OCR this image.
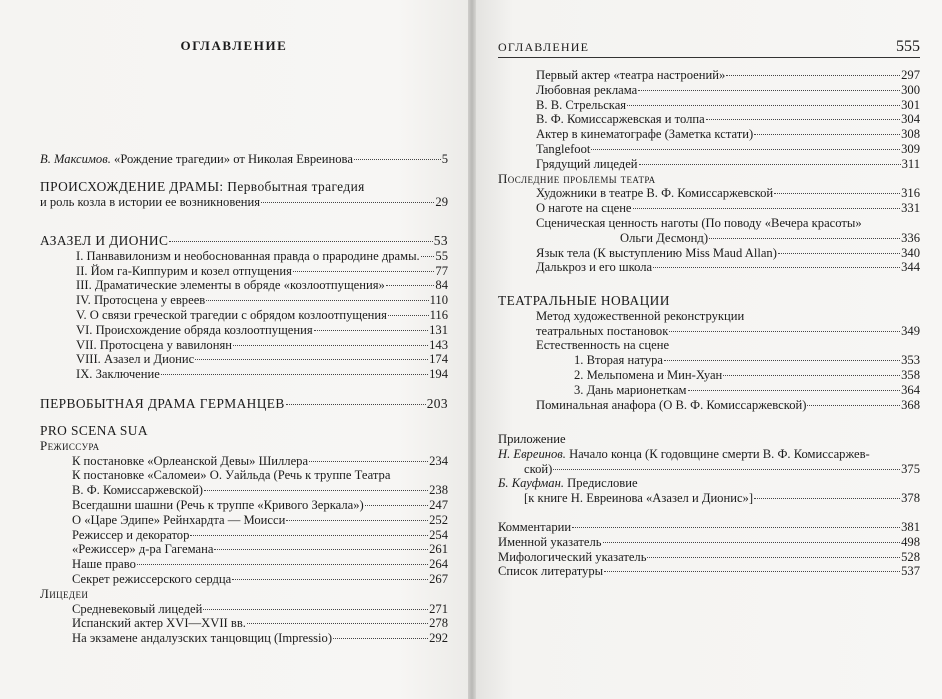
ОГЛАВЛЕНИЕ
В. Максимов.
«Рождение трагедии» от Николая Евреинова	5
ПРОИСХОЖДЕНИЕ ДРАМЫ: Первобытная трагедия
и роль козла в истории ее возникновения	29
АЗАЗЕЛ И ДИОНИС	53
I. Панвавилонизм и необоснованная правда о прародине драмы. 55
II. Йом га-Киппурим и козел отпущения	77
III. Драматические элементы в обряде «козлоотпущения»	84
IV. Протосцена у евреев	110
V. О связи греческой трагедии с обрядом козлоотпущения	116
VI. Происхождение обряда козлоотпущения	131
VII. Протосцена у вавилонян	143
VIII. Азазел и Дионис	174
IX. Заключение	194
ПЕРВОБЫТНАЯ ДРАМА ГЕРМАНЦЕВ	203
PRO SCENA SUA
Режиссура
К постановке «Орлеанской Девы» Шиллера	234
К постановке «Саломеи» О. Уайльда (Речь к труппе Театра
В. Ф. Комиссаржевской)	238
Всегдашни шашни (Речь к труппе «Кривого Зеркала»)	247
О «Царе Эдипе» Рейнхардта — Моисси	252
Режиссер и декоратор	254
«Режиссер» д-ра Гагемана	261
Наше право	264
Секрет режиссерского сердца	267
Лицедеи
Средневековый лицедей	271
Испанский актер XVI—XVII вв.	278
На экзамене андалузских танцовщиц (Impressio)	292
ОГЛАВЛЕНИЕ	555
Первый актер «театра настроений»	297
Любовная реклама	300
В. В. Стрельская	301
В. Ф. Комиссаржевская и толпа	304
Актер в кинематографе (Заметка кстати)	308
Tanglefoot	309
Грядущий лицедей	311
Последние проблемы театра
Художники в театре В. Ф. Комиссаржевской	316
О наготе на сцене	331
Сценическая ценность наготы (По поводу «Вечера красоты»
Ольги Десмонд)	336
Язык тела (К выступлению Miss Maud Allan)	340
Далькроз и его школа	344
ТЕАТРАЛЬНЫЕ НОВАЦИИ
Метод художественной реконструкции
театральных постановок	349
Естественность на сцене
1. Вторая натура	353
2. Мельпомена и Мин-Хуан	358
3. Дань марионеткам	364
Поминальная анафора (О В. Ф. Комиссаржевской)	368
Приложение
Н. Евреинов. Начало конца (К годовщине смерти В. Ф. Комиссаржев-
ской)	375
Б. Кауфман. Предисловие
[к книге Н. Евреинова «Азазел и Дионис»]	378
Комментарии	381
Именной указатель	498
Мифологический указатель	528
Список литературы	537
